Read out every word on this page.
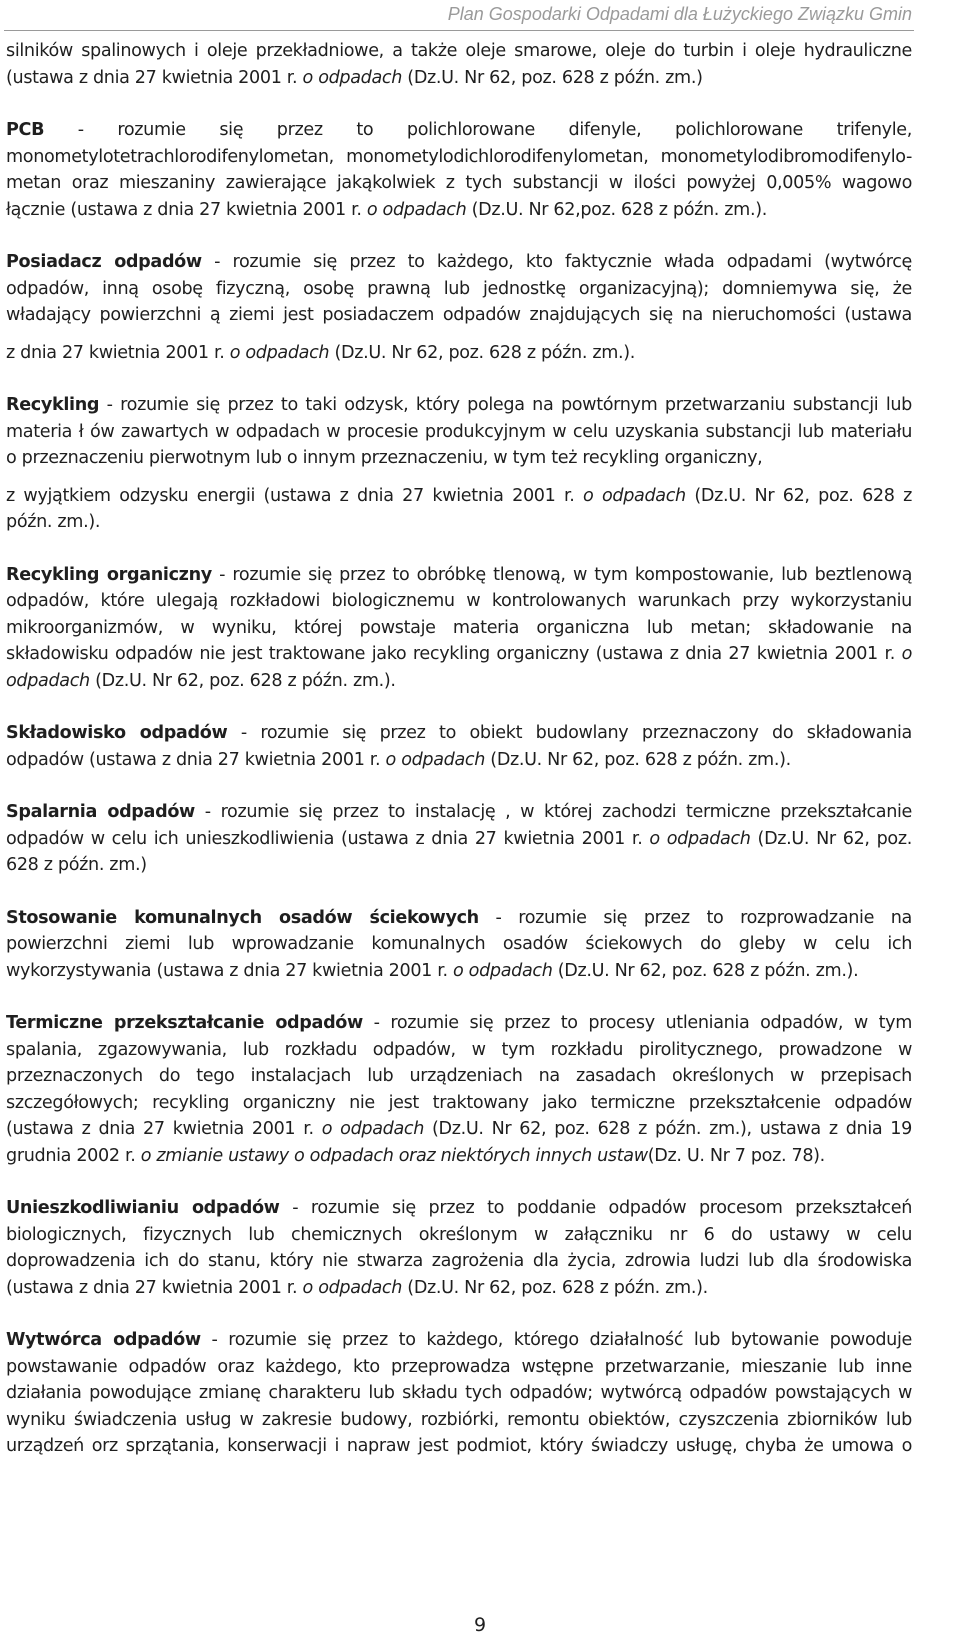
Plan Gospodarki Odpadami dla Łużyckiego Związku Gmin
silników spalinowych i oleje przekładniowe, a także oleje smarowe, oleje do turbin i oleje hydrauliczne
(ustawa z dnia 27 kwietnia 2001 r. o odpadach (Dz.U. Nr 62, poz. 628 z późn. zm.)
PCB - rozumie się przez to polichlorowane difenyle, polichlorowane trifenyle,
monometylotetrachlorodifenylometan, monometylodichlorodifenylometan, monometylodibromodifenylo-
metan oraz mieszaniny zawierające jakąkolwiek z tych substancji w ilości powyżej 0,005% wagowo
łącznie (ustawa z dnia 27 kwietnia 2001 r. o odpadach (Dz.U. Nr 62,poz. 628 z późn. zm.).
Posiadacz odpadów - rozumie się przez to każdego, kto faktycznie włada odpadami (wytwórcę
odpadów, inną osobę fizyczną, osobę prawną lub jednostkę organizacyjną); domniemywa się, że
władający powierzchni ą ziemi jest posiadaczem odpadów znajdujących się na nieruchomości (ustawa
z dnia 27 kwietnia 2001 r. o odpadach (Dz.U. Nr 62, poz. 628 z późn. zm.).
Recykling - rozumie się przez to taki odzysk, który polega na powtórnym przetwarzaniu substancji lub
materia ł ów zawartych w odpadach w procesie produkcyjnym w celu uzyskania substancji lub materiału
o przeznaczeniu pierwotnym lub o innym przeznaczeniu, w tym też recykling organiczny,
z wyjątkiem odzysku energii (ustawa z dnia 27 kwietnia 2001 r. o odpadach (Dz.U. Nr 62, poz. 628 z
późn. zm.).
Recykling organiczny - rozumie się przez to obróbkę tlenową, w tym kompostowanie, lub beztlenową
odpadów, które ulegają rozkładowi biologicznemu w kontrolowanych warunkach przy wykorzystaniu
mikroorganizmów, w wyniku, której powstaje materia organiczna lub metan; składowanie na
składowisku odpadów nie jest traktowane jako recykling organiczny (ustawa z dnia 27 kwietnia 2001 r. o
odpadach (Dz.U. Nr 62, poz. 628 z późn. zm.).
Składowisko odpadów - rozumie się przez to obiekt budowlany przeznaczony do składowania
odpadów (ustawa z dnia 27 kwietnia 2001 r. o odpadach (Dz.U. Nr 62, poz. 628 z późn. zm.).
Spalarnia odpadów - rozumie się przez to instalację , w której zachodzi termiczne przekształcanie
odpadów w celu ich unieszkodliwienia (ustawa z dnia 27 kwietnia 2001 r. o odpadach (Dz.U. Nr 62, poz.
628 z późn. zm.)
Stosowanie komunalnych osadów ściekowych - rozumie się przez to rozprowadzanie na
powierzchni ziemi lub wprowadzanie komunalnych osadów ściekowych do gleby w celu ich
wykorzystywania (ustawa z dnia 27 kwietnia 2001 r. o odpadach (Dz.U. Nr 62, poz. 628 z późn. zm.).
Termiczne przekształcanie odpadów - rozumie się przez to procesy utleniania odpadów, w tym
spalania, zgazowywania, lub rozkładu odpadów, w tym rozkładu pirolitycznego, prowadzone w
przeznaczonych do tego instalacjach lub urządzeniach na zasadach określonych w przepisach
szczegółowych; recykling organiczny nie jest traktowany jako termiczne przekształcenie odpadów
(ustawa z dnia 27 kwietnia 2001 r. o odpadach (Dz.U. Nr 62, poz. 628 z późn. zm.), ustawa z dnia 19
grudnia 2002 r. o zmianie ustawy o odpadach oraz niektórych innych ustaw(Dz. U. Nr 7 poz. 78).
Unieszkodliwianiu odpadów - rozumie się przez to poddanie odpadów procesom przekształceń
biologicznych, fizycznych lub chemicznych określonym w załączniku nr 6 do ustawy w celu
doprowadzenia ich do stanu, który nie stwarza zagrożenia dla życia, zdrowia ludzi lub dla środowiska
(ustawa z dnia 27 kwietnia 2001 r. o odpadach (Dz.U. Nr 62, poz. 628 z późn. zm.).
Wytwórca odpadów - rozumie się przez to każdego, którego działalność lub bytowanie powoduje
powstawanie odpadów oraz każdego, kto przeprowadza wstępne przetwarzanie, mieszanie lub inne
działania powodujące zmianę charakteru lub składu tych odpadów; wytwórcą odpadów powstających w
wyniku świadczenia usług w zakresie budowy, rozbiórki, remontu obiektów, czyszczenia zbiorników lub
urządzeń orz sprzątania, konserwacji i napraw jest podmiot, który świadczy usługę, chyba że umowa o
9
